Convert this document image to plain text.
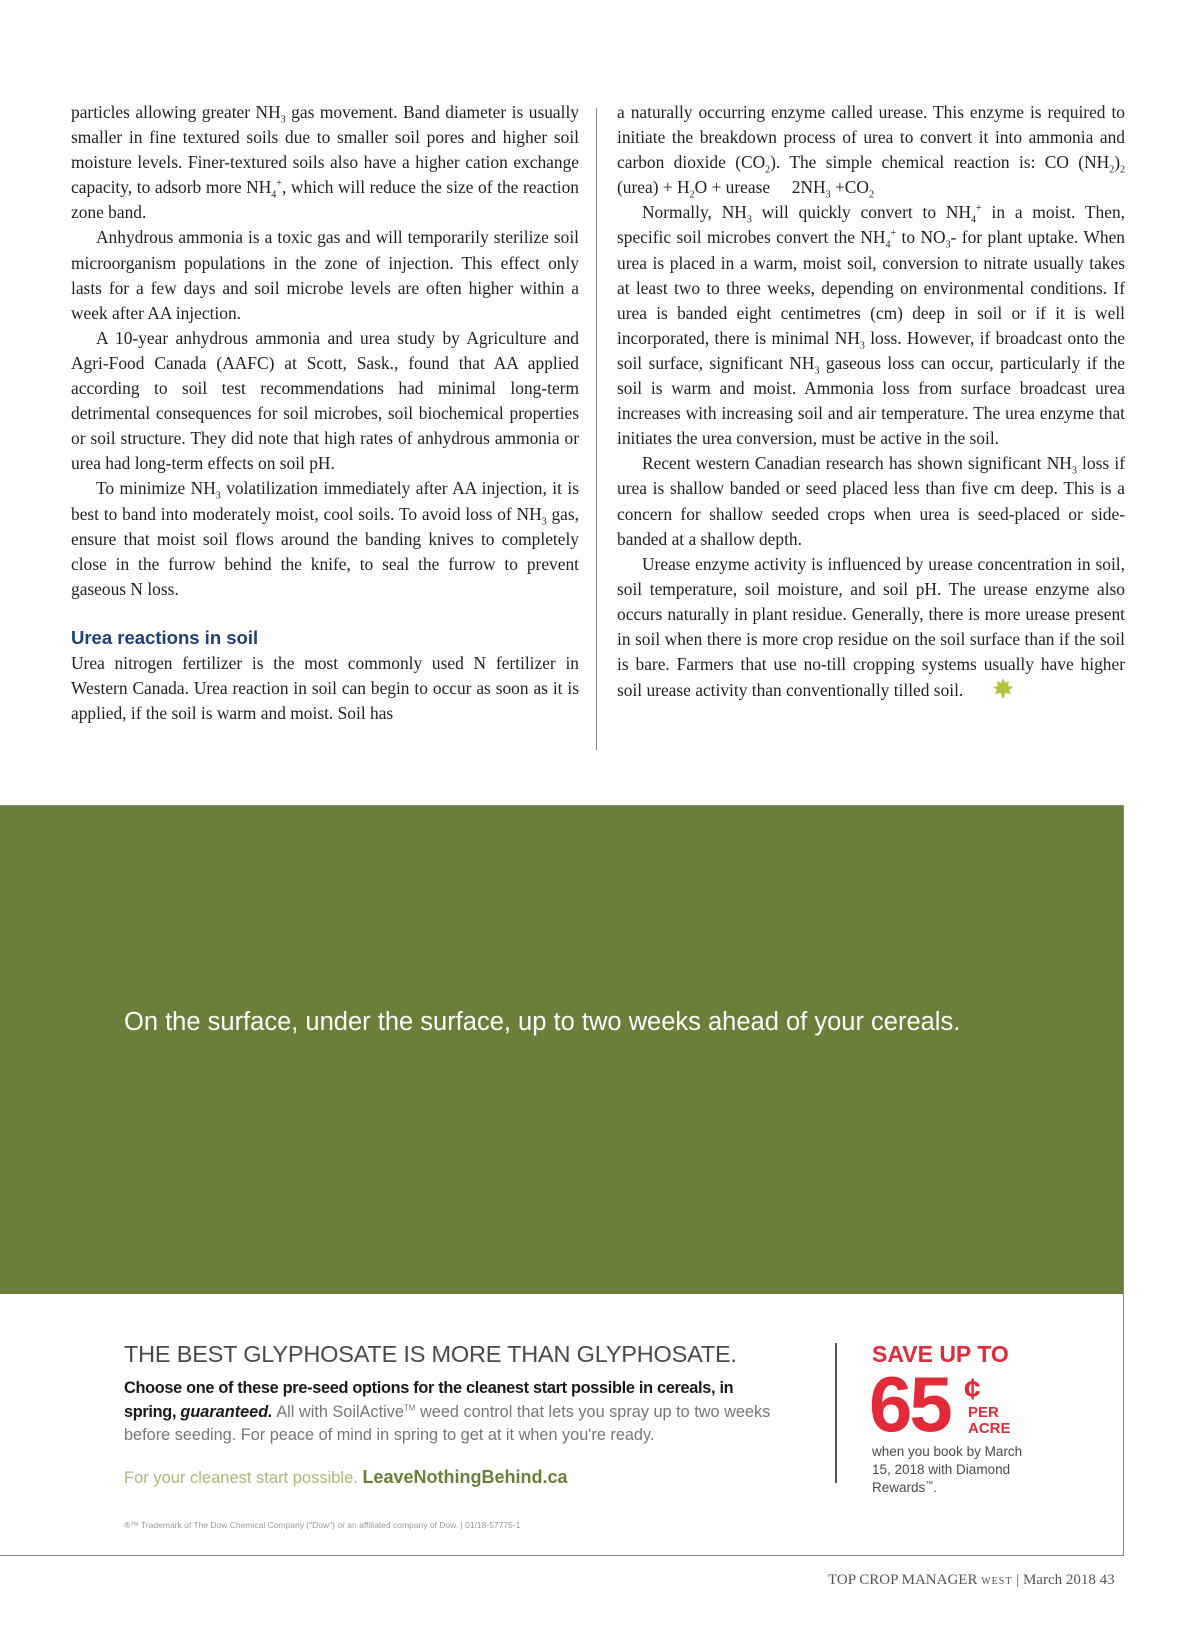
particles allowing greater $NH_3$ gas movement. Band diameter is usually smaller in fine textured soils due to smaller soil pores and higher soil moisture levels. Finer-textured soils also have a higher cation exchange capacity, to adsorb more $NH_4^+$, which will reduce the size of the reaction zone band.

Anhydrous ammonia is a toxic gas and will temporarily sterilize soil microorganism populations in the zone of injection. This effect only lasts for a few days and soil microbe levels are often higher within a week after AA injection.

A 10-year anhydrous ammonia and urea study by Agriculture and Agri-Food Canada (AAFC) at Scott, Sask., found that AA applied according to soil test recommendations had minimal long-term detrimental consequences for soil microbes, soil biochemical properties or soil structure. They did note that high rates of anhydrous ammonia or urea had long-term effects on soil pH.

To minimize $NH_3$ volatilization immediately after AA injection, it is best to band into moderately moist, cool soils. To avoid loss of $NH_3$ gas, ensure that moist soil flows around the banding knives to completely close in the furrow behind the knife, to seal the furrow to prevent gaseous N loss.

Urea reactions in soil

Urea nitrogen fertilizer is the most commonly used N fertilizer in Western Canada. Urea reaction in soil can begin to occur as soon as it is applied, if the soil is warm and moist. Soil has

a naturally occurring enzyme called urease. This enzyme is required to initiate the breakdown process of urea to convert it into ammonia and carbon dioxide $(CO_2)$. The simple chemical reaction is: CO $(NH_2)_2$ (urea) + $H_2O$ + urease     $2NH_3 +CO_2$

Normally, $NH_3$ will quickly convert to $NH_4^+$ in a moist. Then, specific soil microbes convert the $NH_4^+$ to $NO_3-$ for plant uptake. When urea is placed in a warm, moist soil, conversion to nitrate usually takes at least two to three weeks, depending on environmental conditions. If urea is banded eight centimetres (cm) deep in soil or if it is well incorporated, there is minimal $NH_3$ loss. However, if broadcast onto the soil surface, significant $NH_3$ gaseous loss can occur, particularly if the soil is warm and moist. Ammonia loss from surface broadcast urea increases with increasing soil and air temperature. The urea enzyme that initiates the urea conversion, must be active in the soil.

Recent western Canadian research has shown significant $NH_3$ loss if urea is shallow banded or seed placed less than five cm deep. This is a concern for shallow seeded crops when urea is seed-placed or side-banded at a shallow depth.

Urease enzyme activity is influenced by urease concentration in soil, soil temperature, soil moisture, and soil pH. The urease enzyme also occurs naturally in plant residue. Generally, there is more urease present in soil when there is more crop residue on the soil surface than if the soil is bare. Farmers that use no-till cropping systems usually have higher soil urease activity than conventionally tilled soil.

On the surface, under the surface, up to two weeks ahead of your cereals.
THE BEST GLYPHOSATE IS MORE THAN GLYPHOSATE.
Choose one of these pre-seed options for the cleanest start possible in cereals, in spring, guaranteed. All with SoilActive™ weed control that lets you spray up to two weeks before seeding. For peace of mind in spring to get at it when you're ready.
For your cleanest start possible. LeaveNothingBehind.ca
®™ Trademark of The Dow Chemical Company ("Dow") or an affiliated company of Dow. | 01/18-57775-1
SAVE UP TO
65 ¢
PER
ACRE
when you book by March 15, 2018 with Diamond Rewards™.
TOP CROP MANAGER WEST | March 2018 43
